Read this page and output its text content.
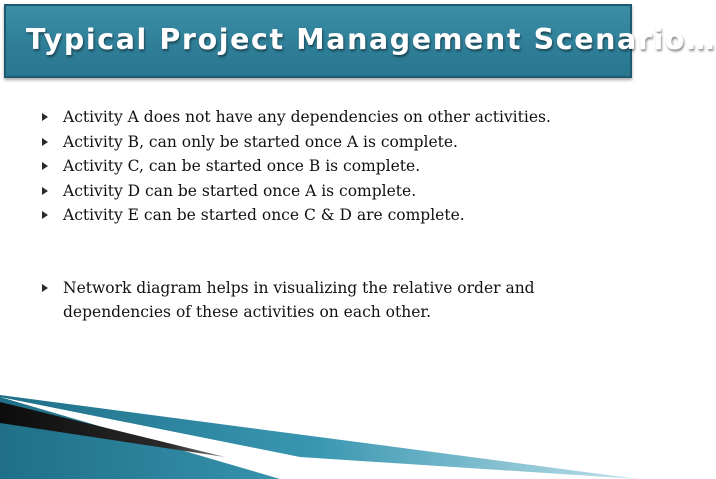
Typical Project Management Scenario…
Activity A does not have any dependencies on other activities.
Activity B, can only be started once A is complete.
Activity C, can be started once B is complete.
Activity D can be started once A is complete.
Activity E can be started once C & D are complete.
Network diagram helps in visualizing the relative order and dependencies of these activities on each other.
